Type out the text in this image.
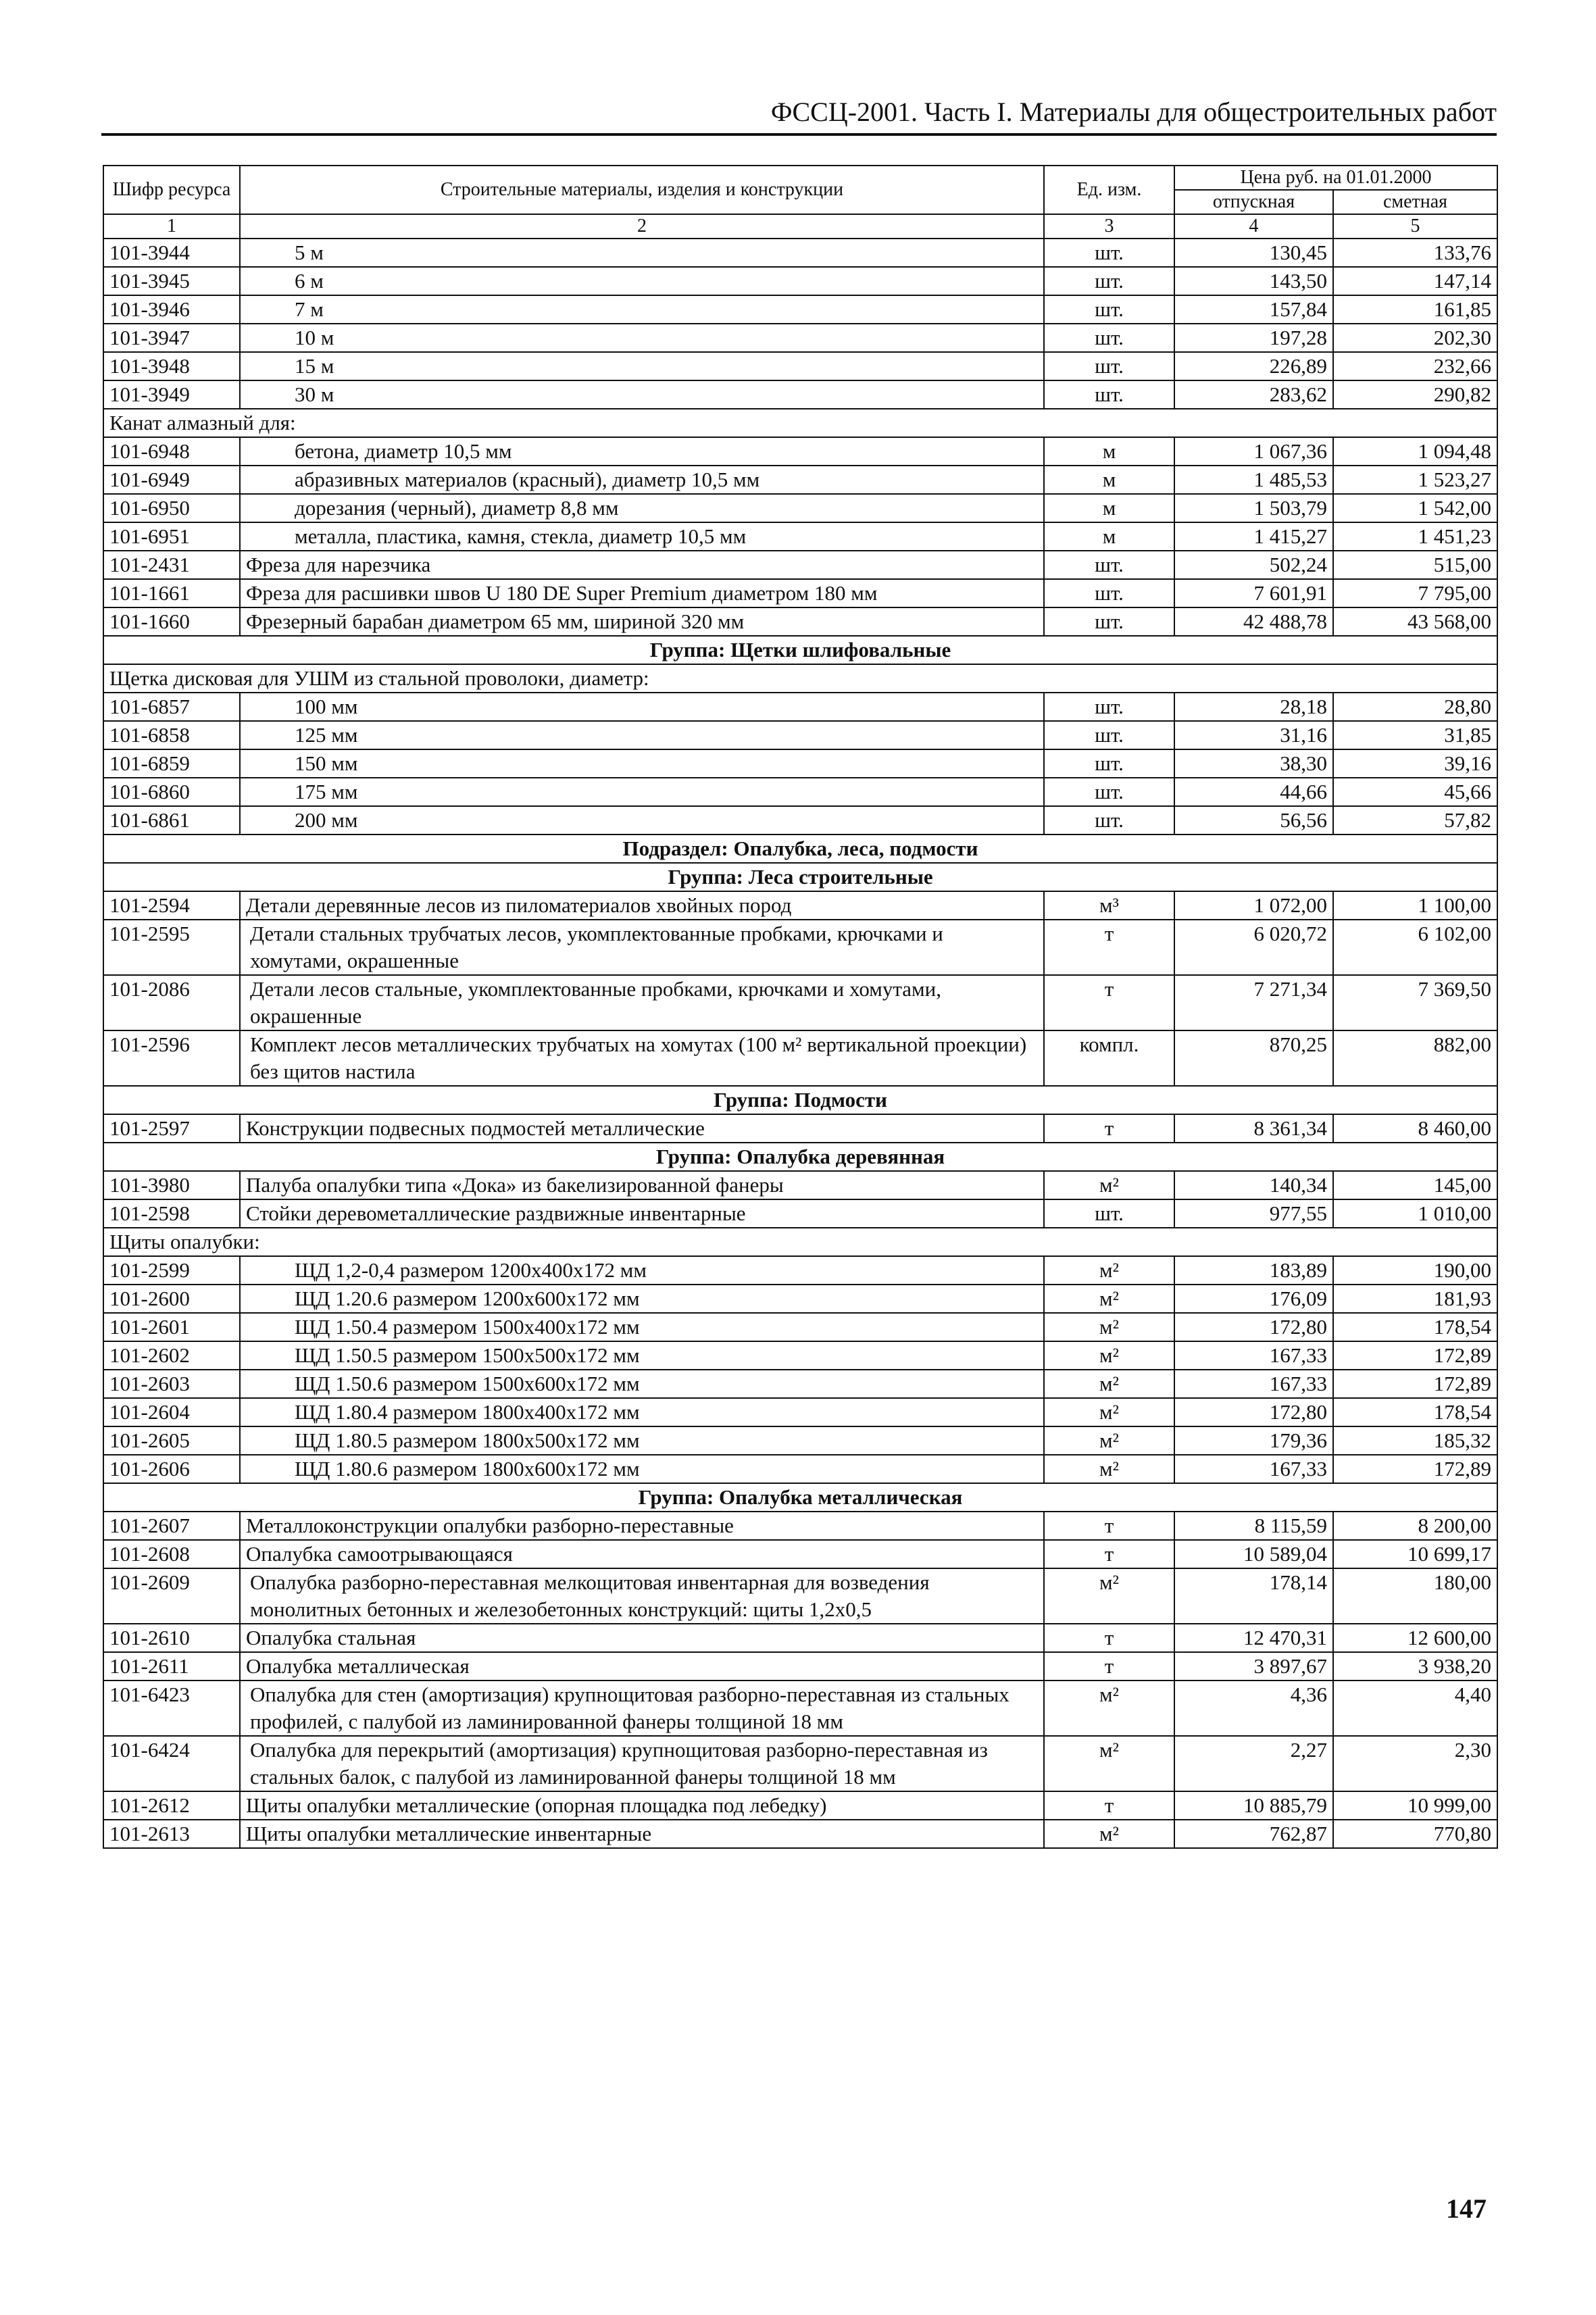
ФССЦ-2001. Часть I. Материалы для общестроительных работ
Шифр ресурса	Строительные материалы, изделия и конструкции	Ед. изм.	Цена руб. на 01.01.2000	
			отпускная	сметная
1	2	3	4	5
101-3944	5 м	шт.	130,45	133,76
101-3945	6 м	шт.	143,50	147,14
101-3946	7 м	шт.	157,84	161,85
101-3947	10 м	шт.	197,28	202,30
101-3948	15 м	шт.	226,89	232,66
101-3949	30 м	шт.	283,62	290,82
Канат алмазный для:				
101-6948	бетона, диаметр 10,5 мм	м	1 067,36	1 094,48
101-6949	абразивных материалов (красный), диаметр 10,5 мм	м	1 485,53	1 523,27
101-6950	дорезания (черный), диаметр 8,8 мм	м	1 503,79	1 542,00
101-6951	металла, пластика, камня, стекла, диаметр 10,5 мм	м	1 415,27	1 451,23
101-2431	Фреза для нарезчика	шт.	502,24	515,00
101-1661	Фреза для расшивки швов U 180 DE Super Premium диаметром 180 мм	шт.	7 601,91	7 795,00
101-1660	Фрезерный барабан диаметром 65 мм, шириной 320 мм	шт.	42 488,78	43 568,00
Группа: Щетки шлифовальные				
Щетка дисковая для УШМ из стальной проволоки, диаметр:				
101-6857	100 мм	шт.	28,18	28,80
101-6858	125 мм	шт.	31,16	31,85
101-6859	150 мм	шт.	38,30	39,16
101-6860	175 мм	шт.	44,66	45,66
101-6861	200 мм	шт.	56,56	57,82
Подраздел: Опалубка, леса, подмости				
Группа: Леса строительные				
101-2594	Детали деревянные лесов из пиломатериалов хвойных пород	м³	1 072,00	1 100,00
101-2595	Детали стальных трубчатых лесов, укомплектованные пробками, крючками и хомутами, окрашенные	т	6 020,72	6 102,00
101-2086	Детали лесов стальные, укомплектованные пробками, крючками и хомутами, окрашенные	т	7 271,34	7 369,50
101-2596	Комплект лесов металлических трубчатых на хомутах (100 м² вертикальной проекции) без щитов настила	компл.	870,25	882,00
Группа: Подмости				
101-2597	Конструкции подвесных подмостей металлические	т	8 361,34	8 460,00
Группа: Опалубка деревянная				
101-3980	Палуба опалубки типа «Дока» из бакелизированной фанеры	м²	140,34	145,00
101-2598	Стойки деревометаллические раздвижные инвентарные	шт.	977,55	1 010,00
Щиты опалубки:				
101-2599	ЩД 1,2-0,4 размером 1200х400х172 мм	м²	183,89	190,00
101-2600	ЩД 1.20.6 размером 1200х600х172 мм	м²	176,09	181,93
101-2601	ЩД 1.50.4 размером 1500х400х172 мм	м²	172,80	178,54
101-2602	ЩД 1.50.5 размером 1500х500х172 мм	м²	167,33	172,89
101-2603	ЩД 1.50.6 размером 1500х600х172 мм	м²	167,33	172,89
101-2604	ЩД 1.80.4 размером 1800х400х172 мм	м²	172,80	178,54
101-2605	ЩД 1.80.5 размером 1800х500х172 мм	м²	179,36	185,32
101-2606	ЩД 1.80.6 размером 1800х600х172 мм	м²	167,33	172,89
Группа: Опалубка металлическая				
101-2607	Металлоконструкции опалубки разборно-переставные	т	8 115,59	8 200,00
101-2608	Опалубка самоотрывающаяся	т	10 589,04	10 699,17
101-2609	Опалубка разборно-переставная мелкощитовая инвентарная для возведения монолитных бетонных и железобетонных конструкций: щиты 1,2х0,5	м²	178,14	180,00
101-2610	Опалубка стальная	т	12 470,31	12 600,00
101-2611	Опалубка металлическая	т	3 897,67	3 938,20
101-6423	Опалубка для стен (амортизация) крупнощитовая разборно-переставная из стальных профилей, с палубой из ламинированной фанеры толщиной 18 мм	м²	4,36	4,40
101-6424	Опалубка для перекрытий (амортизация) крупнощитовая разборно-переставная из стальных балок, с палубой из ламинированной фанеры толщиной 18 мм	м²	2,27	2,30
101-2612	Щиты опалубки металлические (опорная площадка под лебедку)	т	10 885,79	10 999,00
101-2613	Щиты опалубки металлические инвентарные	м²	762,87	770,80
147
